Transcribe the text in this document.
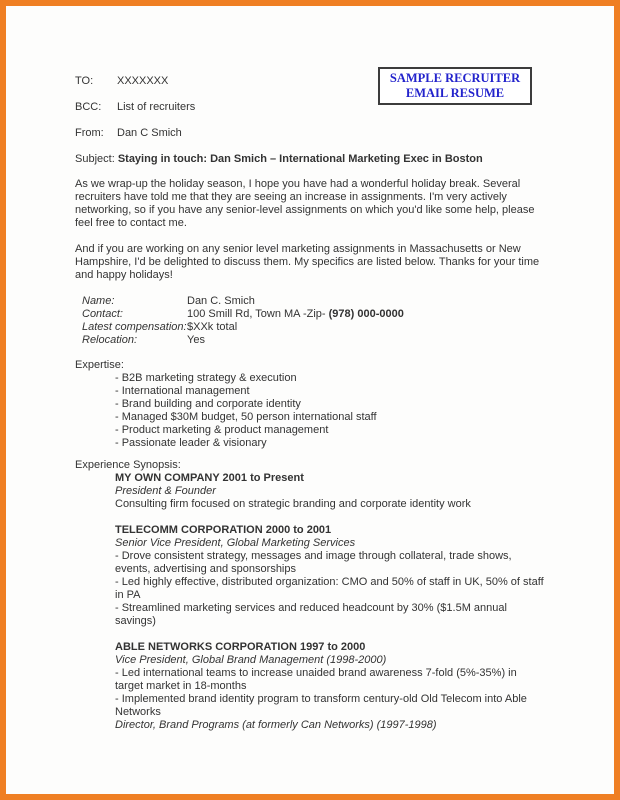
SAMPLE RECRUITER
EMAIL RESUME
TO:	XXXXXXX
BCC:	List of recruiters
From:	Dan C Smich
Subject: Staying in touch: Dan Smich – International Marketing Exec in Boston

As we wrap-up the holiday season, I hope you have had a wonderful holiday break. Several recruiters have told me that they are seeing an increase in assignments. I'm very actively networking, so if you have any senior-level assignments on which you'd like some help, please feel free to contact me.

And if you are working on any senior level marketing assignments in Massachusetts or New Hampshire, I'd be delighted to discuss them. My specifics are listed below. Thanks for your time and happy holidays!

Name:	Dan C. Smich
Contact:	100 Smill Rd, Town MA -Zip- (978) 000-0000
Latest compensation: $XXk total
Relocation:	Yes
Expertise:
- B2B marketing strategy & execution
- International management
- Brand building and corporate identity
- Managed $30M budget, 50 person international staff
- Product marketing & product management
- Passionate leader & visionary
Experience Synopsis:
MY OWN COMPANY 2001 to Present
President & Founder
Consulting firm focused on strategic branding and corporate identity work
TELECOMM CORPORATION 2000 to 2001
Senior Vice President, Global Marketing Services
- Drove consistent strategy, messages and image through collateral, trade shows, events, advertising and sponsorships
- Led highly effective, distributed organization: CMO and 50% of staff in UK, 50% of staff in PA
- Streamlined marketing services and reduced headcount by 30% ($1.5M annual savings)
ABLE NETWORKS CORPORATION 1997 to 2000
Vice President, Global Brand Management (1998-2000)
- Led international teams to increase unaided brand awareness 7-fold (5%-35%) in target market in 18-months
- Implemented brand identity program to transform century-old Old Telecom into Able Networks
Director, Brand Programs (at formerly Can Networks) (1997-1998)
